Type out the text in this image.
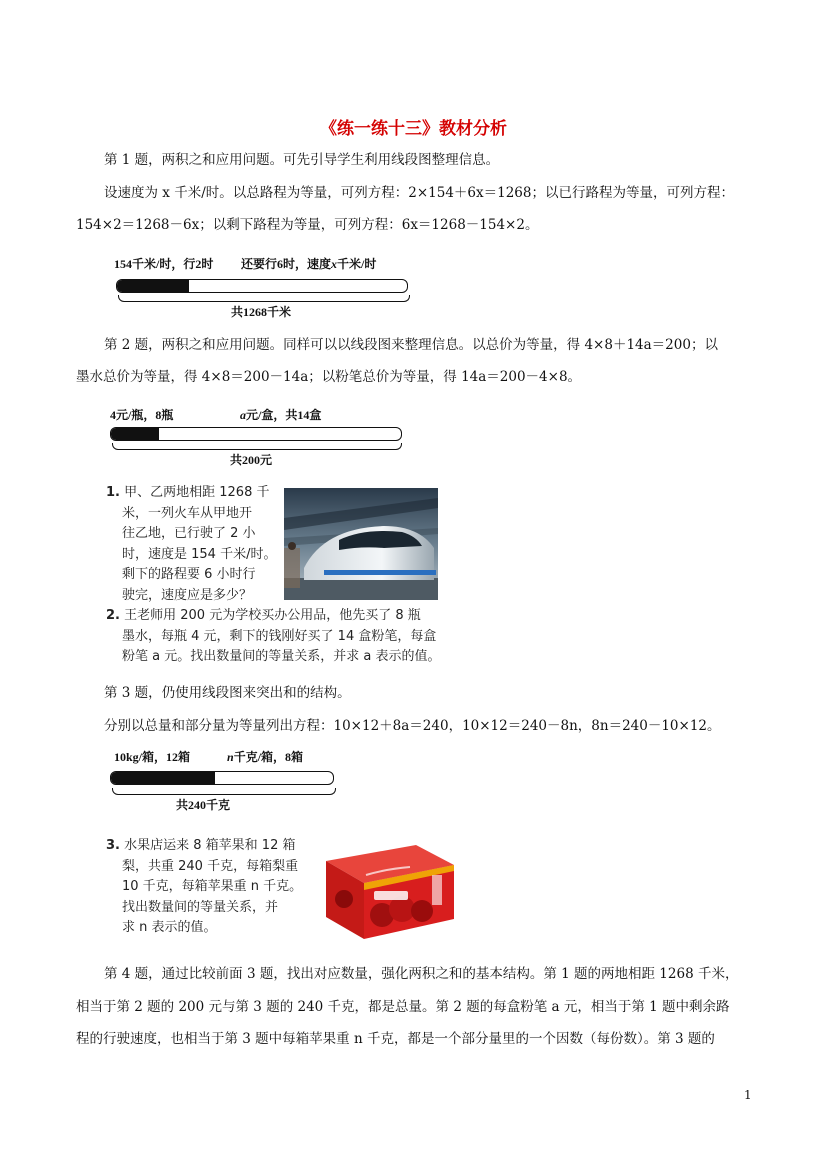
《练一练十三》教材分析
第 1 题，两积之和应用问题。可先引导学生利用线段图整理信息。
设速度为 x 千米/时。以总路程为等量，可列方程：2×154＋6x＝1268；以已行路程为等量，可列方程：
154×2＝1268－6x；以剩下路程为等量，可列方程：6x＝1268－154×2。
154千米/时，行2时 还要行6时，速度x千米/时
共1268千米
第 2 题，两积之和应用问题。同样可以以线段图来整理信息。以总价为等量，得 4×8＋14a＝200；以
墨水总价为等量，得 4×8＝200－14a；以粉笔总价为等量，得 14a＝200－4×8。
4元/瓶，8瓶	a元/盒，共14盒
共200元
1. 甲、乙两地相距 1268 千
米，一列火车从甲地开
往乙地，已行驶了 2 小
时，速度是 154 千米/时。
剩下的路程要 6 小时行
驶完，速度应是多少？
2. 王老师用 200 元为学校买办公用品，他先买了 8 瓶
墨水，每瓶 4 元，剩下的钱刚好买了 14 盒粉笔，每盒
粉笔 a 元。找出数量间的等量关系，并求 a 表示的值。
第 3 题，仍使用线段图来突出和的结构。
分别以总量和部分量为等量列出方程：10×12＋8a＝240，10×12＝240－8n，8n＝240－10×12。
10kg/箱，12箱	n千克/箱，8箱
共240千克
3. 水果店运来 8 箱苹果和 12 箱
梨，共重 240 千克，每箱梨重
10 千克，每箱苹果重 n 千克。
找出数量间的等量关系，并
求 n 表示的值。
第 4 题，通过比较前面 3 题，找出对应数量，强化两积之和的基本结构。第 1 题的两地相距 1268 千米，
相当于第 2 题的 200 元与第 3 题的 240 千克，都是总量。第 2 题的每盒粉笔 a 元，相当于第 1 题中剩余路
程的行驶速度，也相当于第 3 题中每箱苹果重 n 千克，都是一个部分量里的一个因数（每份数）。第 3 题的
1
